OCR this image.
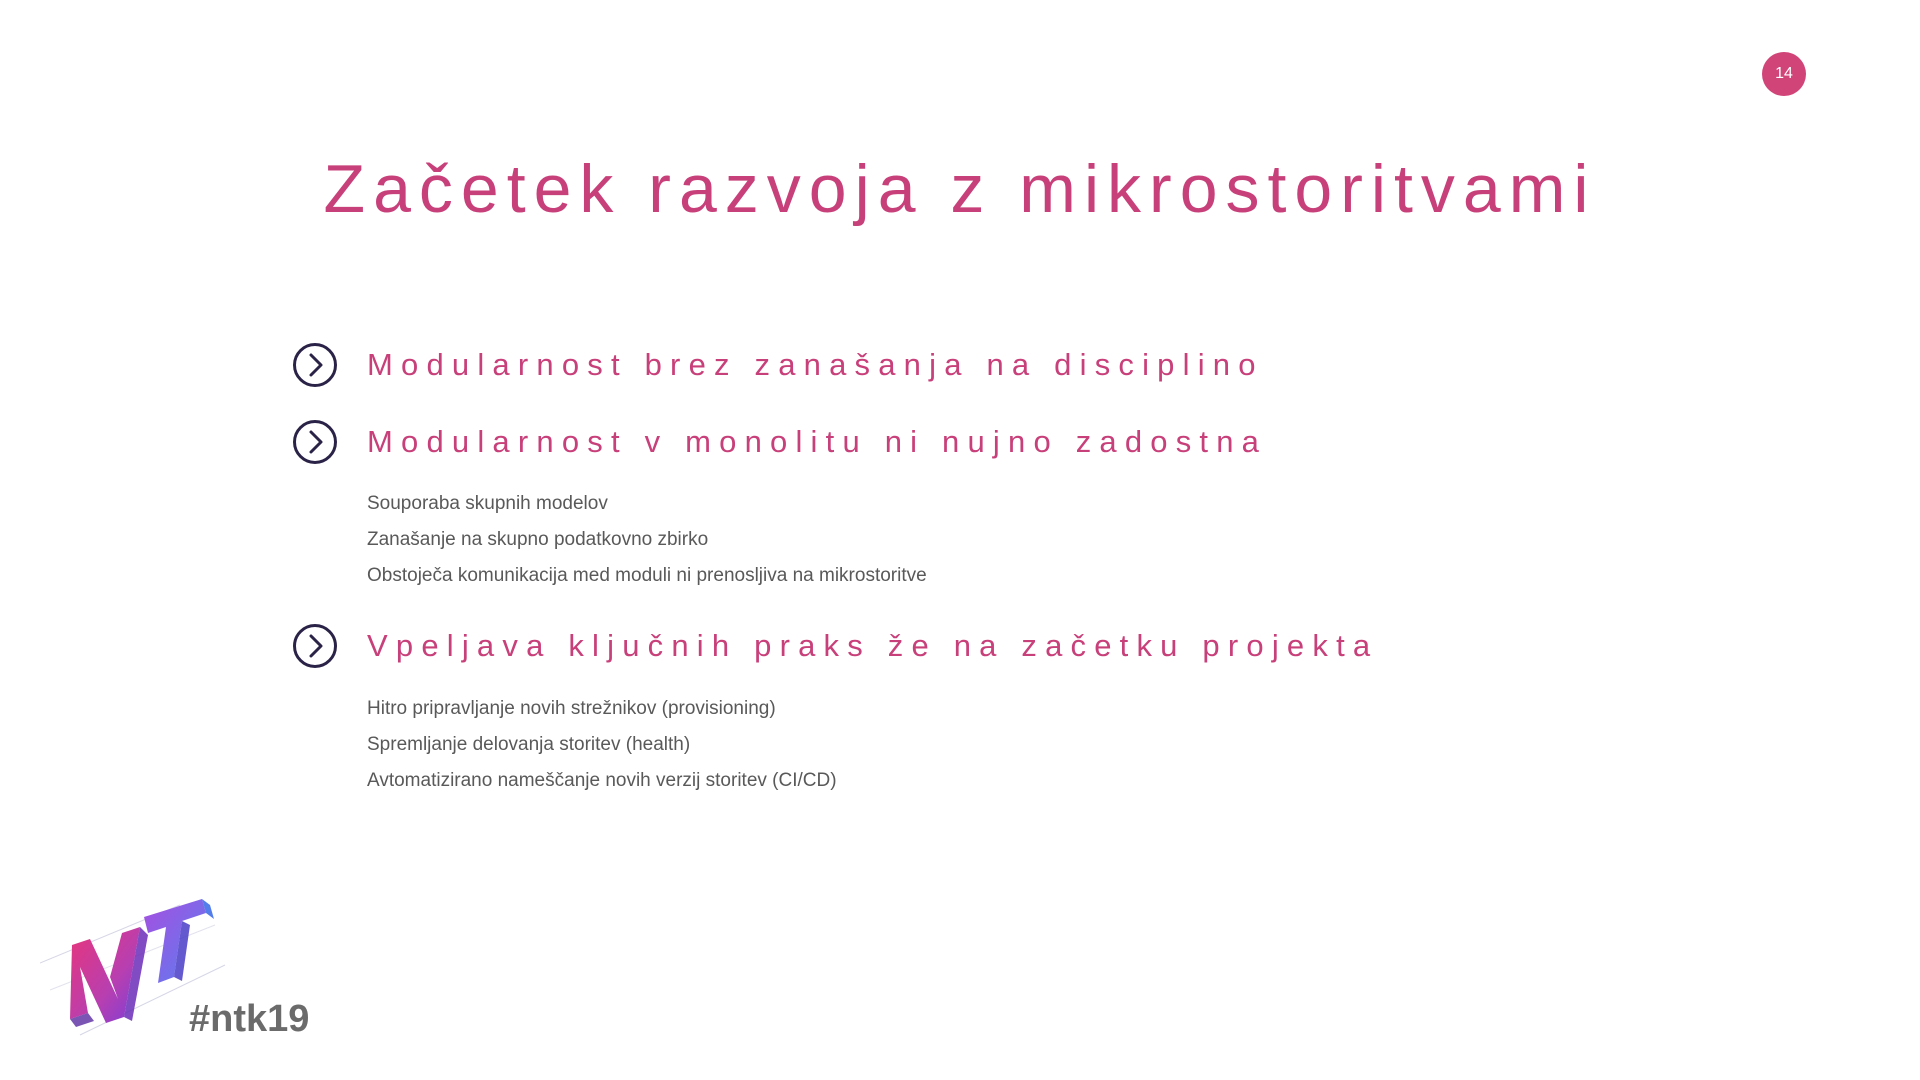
14
Začetek razvoja z mikrostoritvami
Modularnost brez zanašanja na disciplino
Modularnost v monolitu ni nujno zadostna
Souporaba skupnih modelov
Zanašanje na skupno podatkovno zbirko
Obstoječa komunikacija med moduli ni prenosljiva na mikrostoritve
Vpeljava ključnih praks že na začetku projekta
Hitro pripravljanje novih strežnikov (provisioning)
Spremljanje delovanja storitev (health)
Avtomatizirano nameščanje novih verzij storitev (CI/CD)
#ntk19
